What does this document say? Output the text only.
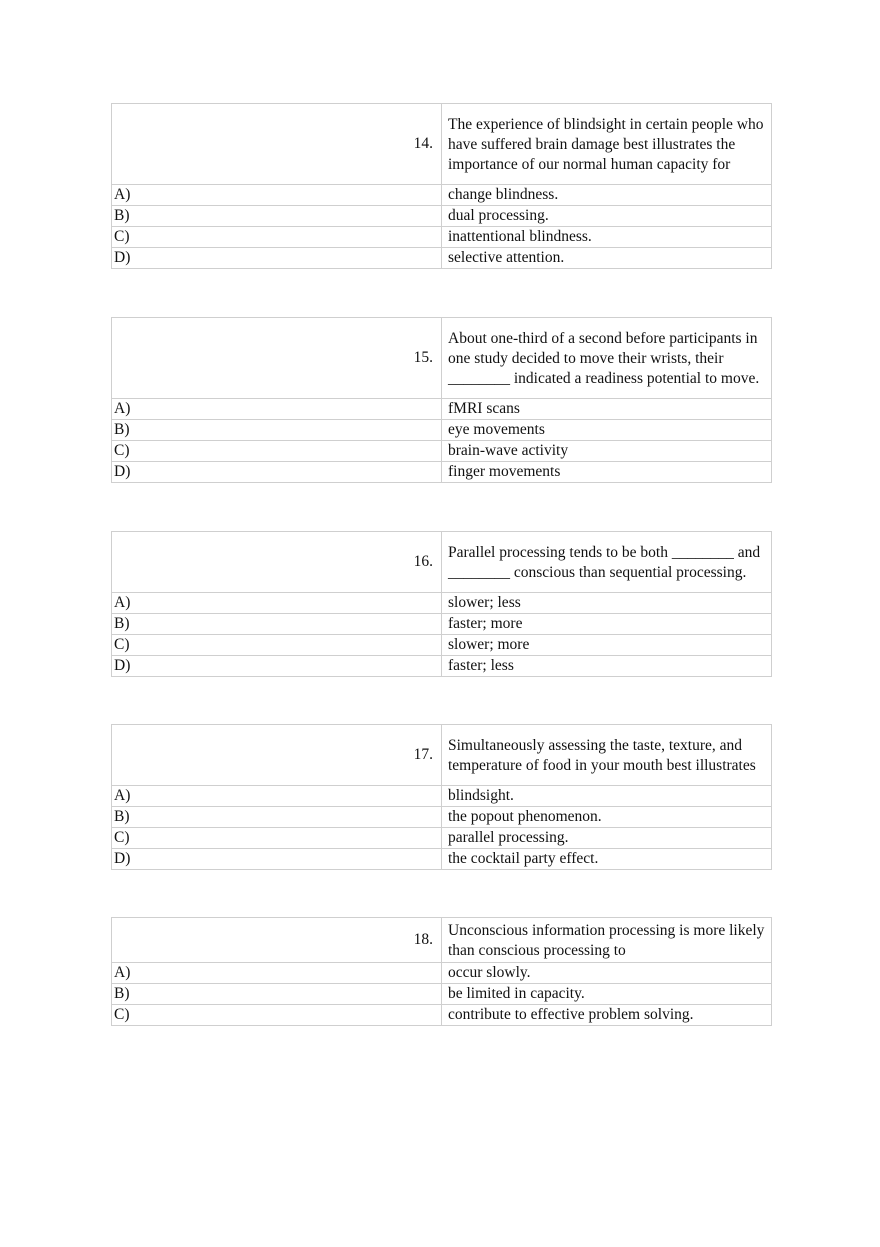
14.	The experience of blindsight in certain people who have suffered brain damage best illustrates the importance of our normal human capacity for
A)	change blindness.
B)	dual processing.
C)	inattentional blindness.
D)	selective attention.
15.	About one-third of a second before participants in one study decided to move their wrists, their ________ indicated a readiness potential to move.
A)	fMRI scans
B)	eye movements
C)	brain-wave activity
D)	finger movements
16.	Parallel processing tends to be both ________ and ________ conscious than sequential processing.
A)	slower; less
B)	faster; more
C)	slower; more
D)	faster; less
17.	Simultaneously assessing the taste, texture, and temperature of food in your mouth best illustrates
A)	blindsight.
B)	the popout phenomenon.
C)	parallel processing.
D)	the cocktail party effect.
18.	Unconscious information processing is more likely than conscious processing to
A)	occur slowly.
B)	be limited in capacity.
C)	contribute to effective problem solving.
